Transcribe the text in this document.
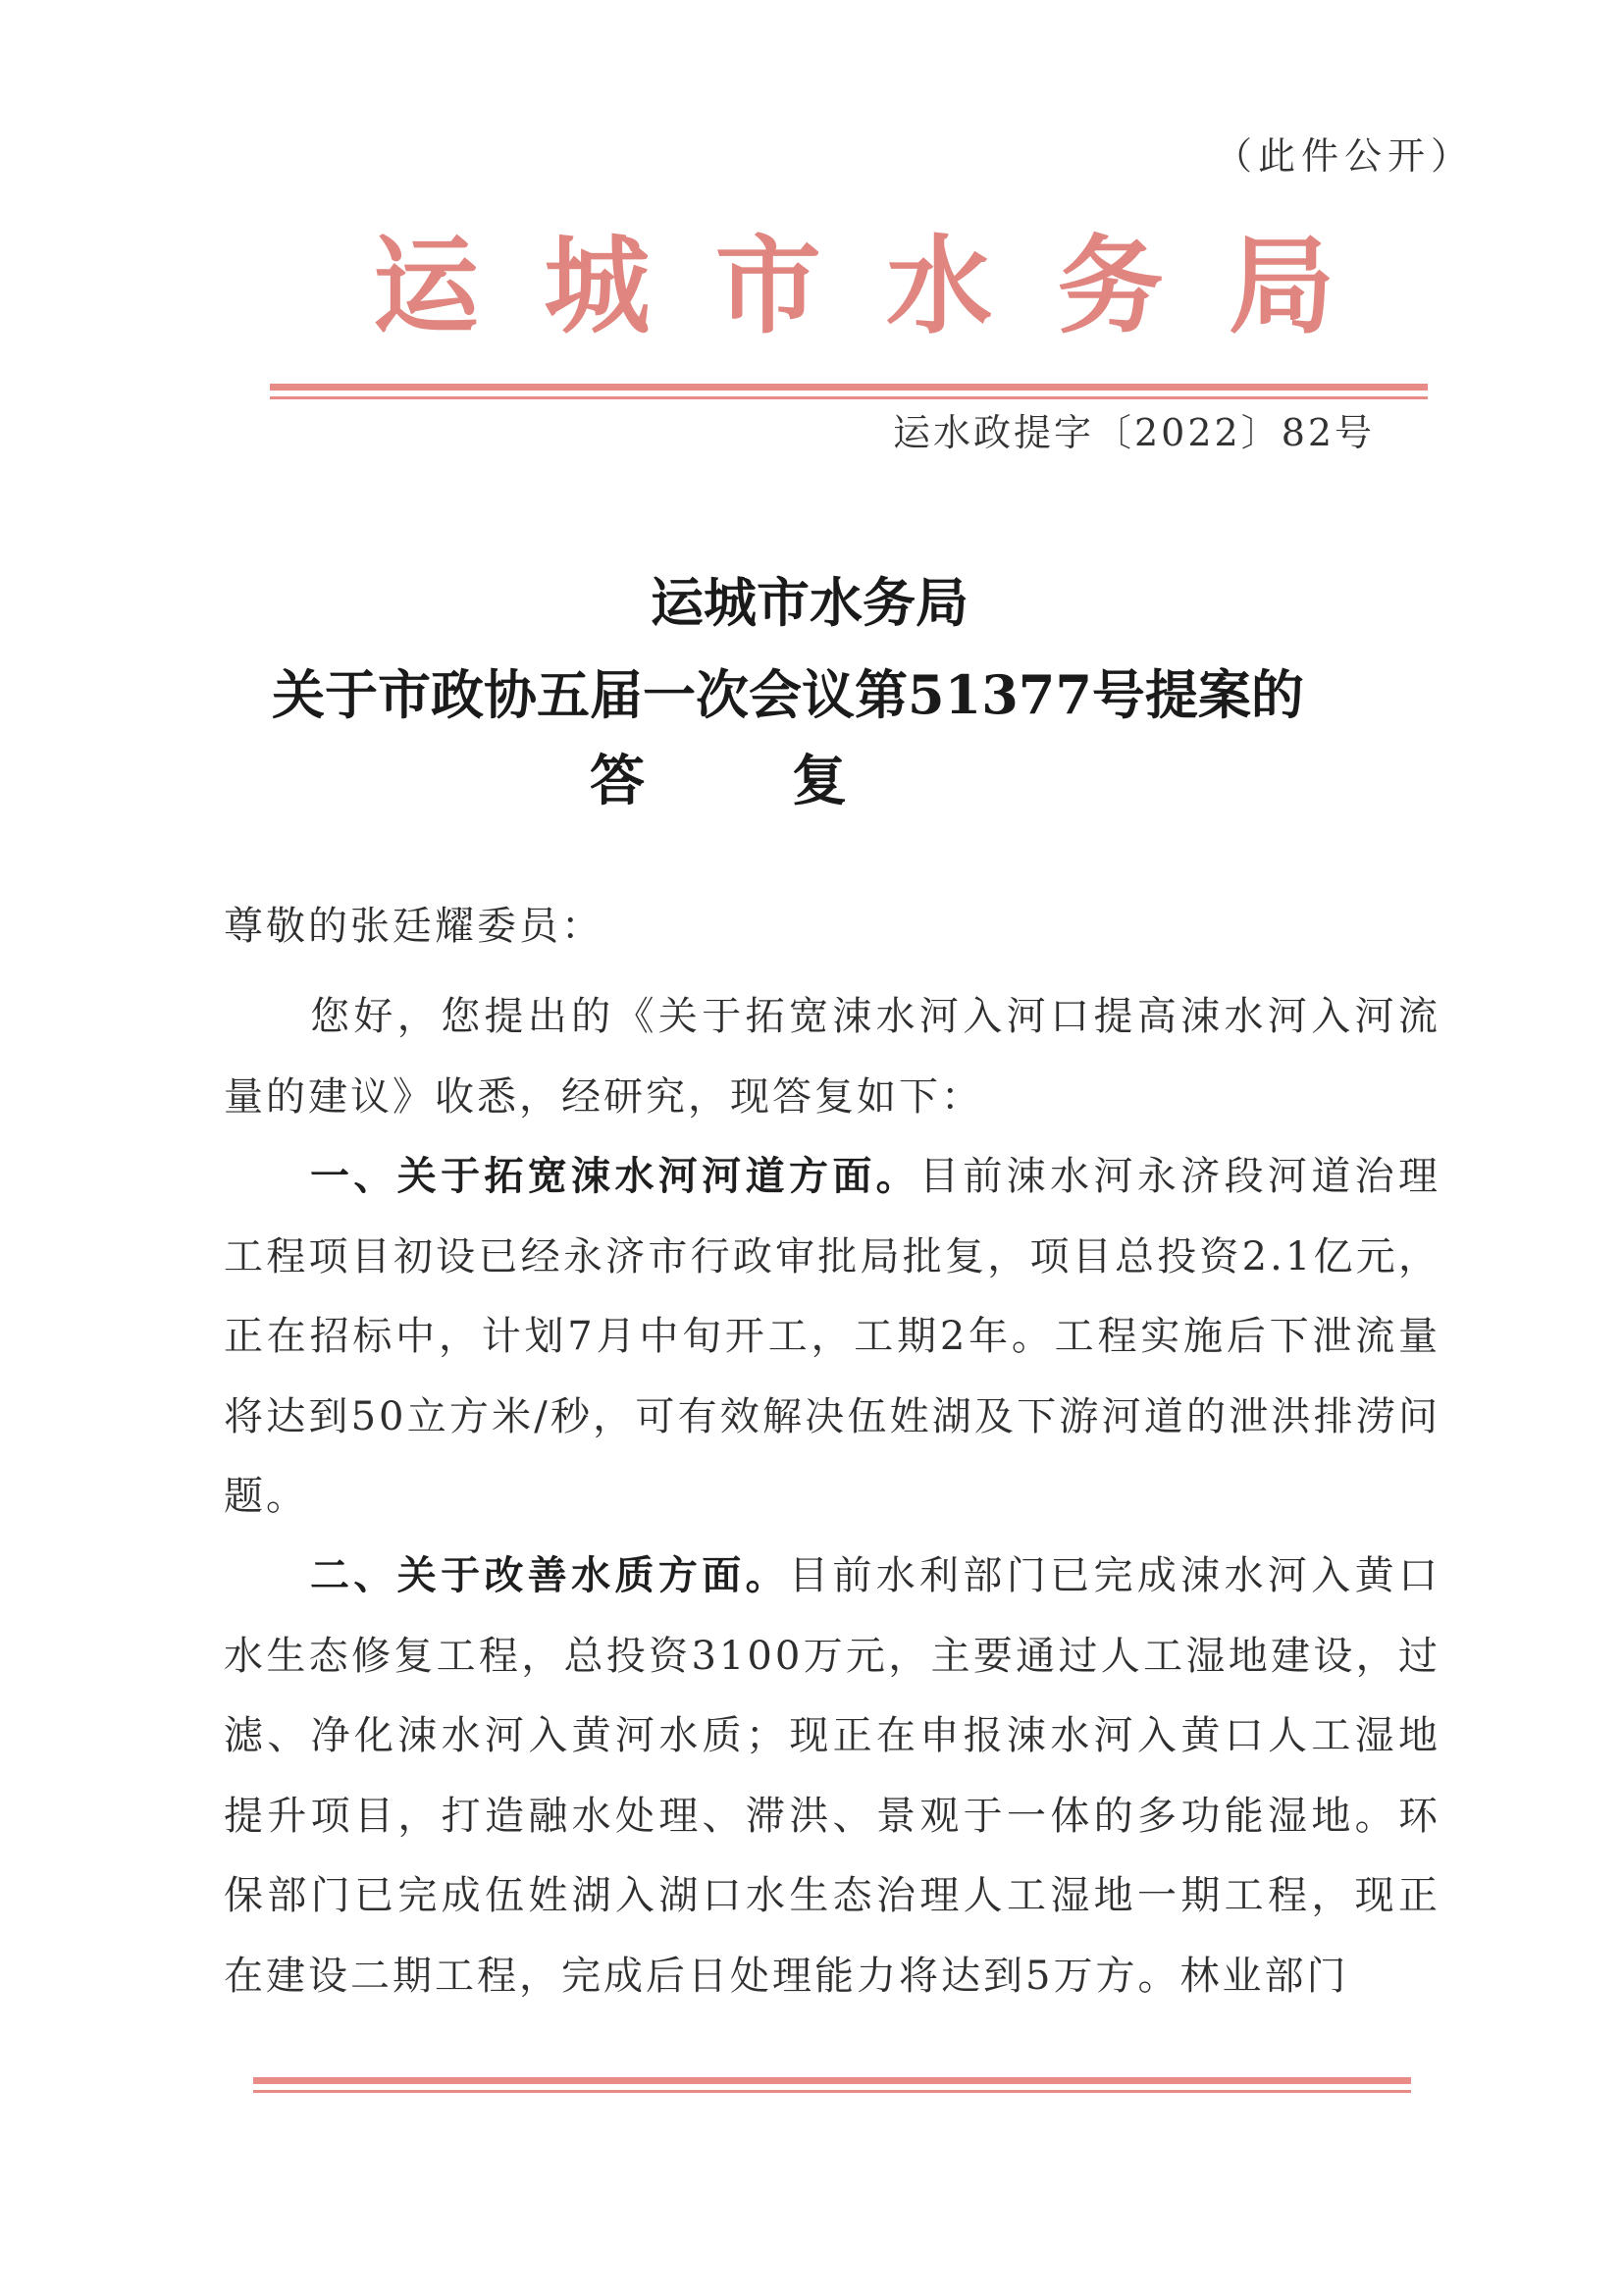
（此件公开）
运 城 市 水 务 局
运水政提字〔2022〕82号
运城市水务局
关于市政协五届一次会议第51377号提案的
答复
尊敬的张廷耀委员：

您好，您提出的《关于拓宽涑水河入河口提高涑水河入河流量的建议》收悉，经研究，现答复如下：

一、关于拓宽涑水河河道方面。目前涑水河永济段河道治理工程项目初设已经永济市行政审批局批复，项目总投资2.1亿元，正在招标中，计划7月中旬开工，工期2年。工程实施后下泄流量将达到50立方米/秒，可有效解决伍姓湖及下游河道的泄洪排涝问题。

二、关于改善水质方面。目前水利部门已完成涑水河入黄口水生态修复工程，总投资3100万元，主要通过人工湿地建设，过滤、净化涑水河入黄河水质；现正在申报涑水河入黄口人工湿地提升项目，打造融水处理、滞洪、景观于一体的多功能湿地。环保部门已完成伍姓湖入湖口水生态治理人工湿地一期工程，现正在建设二期工程，完成后日处理能力将达到5万方。林业部门
